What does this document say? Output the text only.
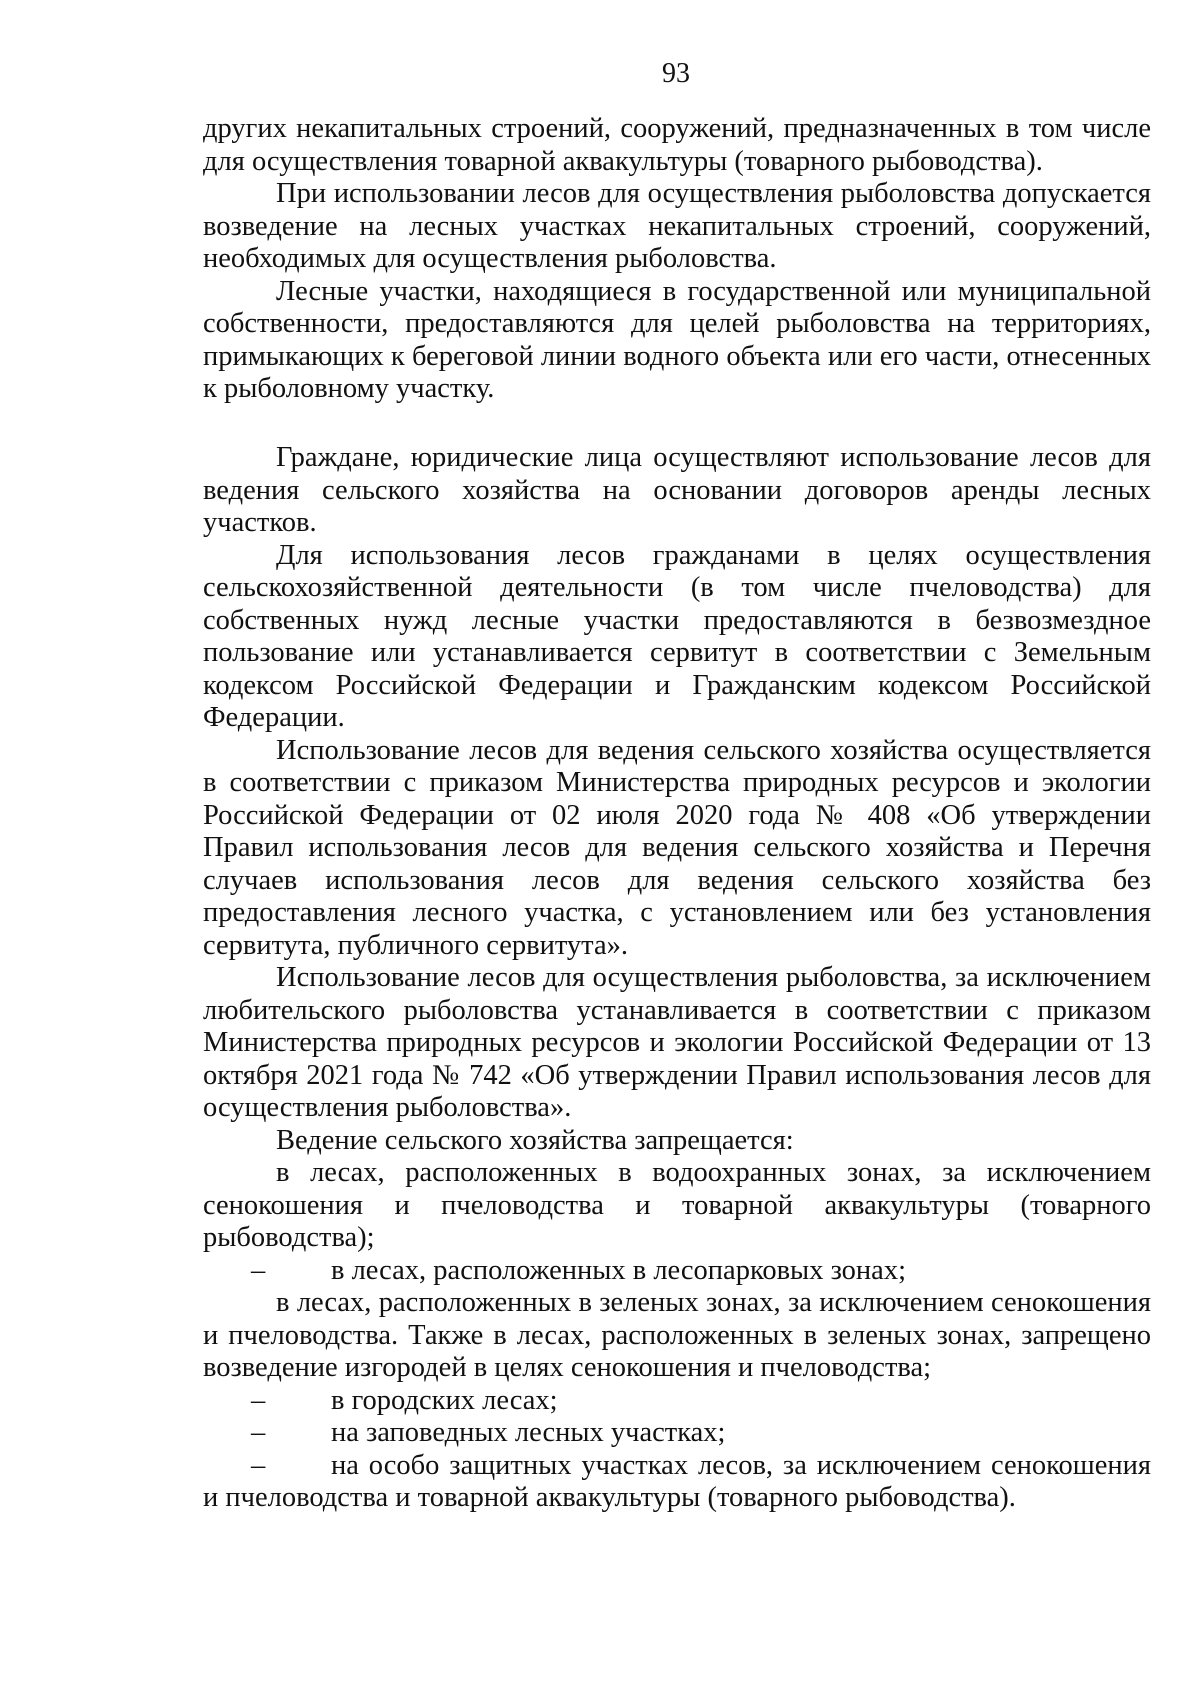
93

других некапитальных строений, сооружений, предназначенных в том числе для осуществления товарной аквакультуры (товарного рыбоводства).

При использовании лесов для осуществления рыболовства допускается возведение на лесных участках некапитальных строений, сооружений, необходимых для осуществления рыболовства.

Лесные участки, находящиеся в государственной или муниципальной собственности, предоставляются для целей рыболовства на территориях, примыкающих к береговой линии водного объекта или его части, отнесенных к рыболовному участку.

Граждане, юридические лица осуществляют использование лесов для ведения сельского хозяйства на основании договоров аренды лесных участков.

Для использования лесов гражданами в целях осуществления сельскохозяйственной деятельности (в том числе пчеловодства) для собственных нужд лесные участки предоставляются в безвозмездное пользование или устанавливается сервитут в соответствии с Земельным кодексом Российской Федерации и Гражданским кодексом Российской Федерации.

Использование лесов для ведения сельского хозяйства осуществляется в соответствии с приказом Министерства природных ресурсов и экологии Российской Федерации от 02 июля 2020 года № 408 «Об утверждении Правил использования лесов для ведения сельского хозяйства и Перечня случаев использования лесов для ведения сельского хозяйства без предоставления лесного участка, с установлением или без установления сервитута, публичного сервитута».

Использование лесов для осуществления рыболовства, за исключением любительского рыболовства устанавливается в соответствии с приказом Министерства природных ресурсов и экологии Российской Федерации от 13 октября 2021 года № 742 «Об утверждении Правил использования лесов для осуществления рыболовства».

Ведение сельского хозяйства запрещается:

в лесах, расположенных в водоохранных зонах, за исключением сенокошения и пчеловодства и товарной аквакультуры (товарного рыбоводства);

–	в лесах, расположенных в лесопарковых зонах;

в лесах, расположенных в зеленых зонах, за исключением сенокошения и пчеловодства. Также в лесах, расположенных в зеленых зонах, запрещено возведение изгородей в целях сенокошения и пчеловодства;

–	в городских лесах;
–	на заповедных лесных участках;
– на особо защитных участках лесов, за исключением сенокошения и пчеловодства и товарной аквакультуры (товарного рыбоводства).
